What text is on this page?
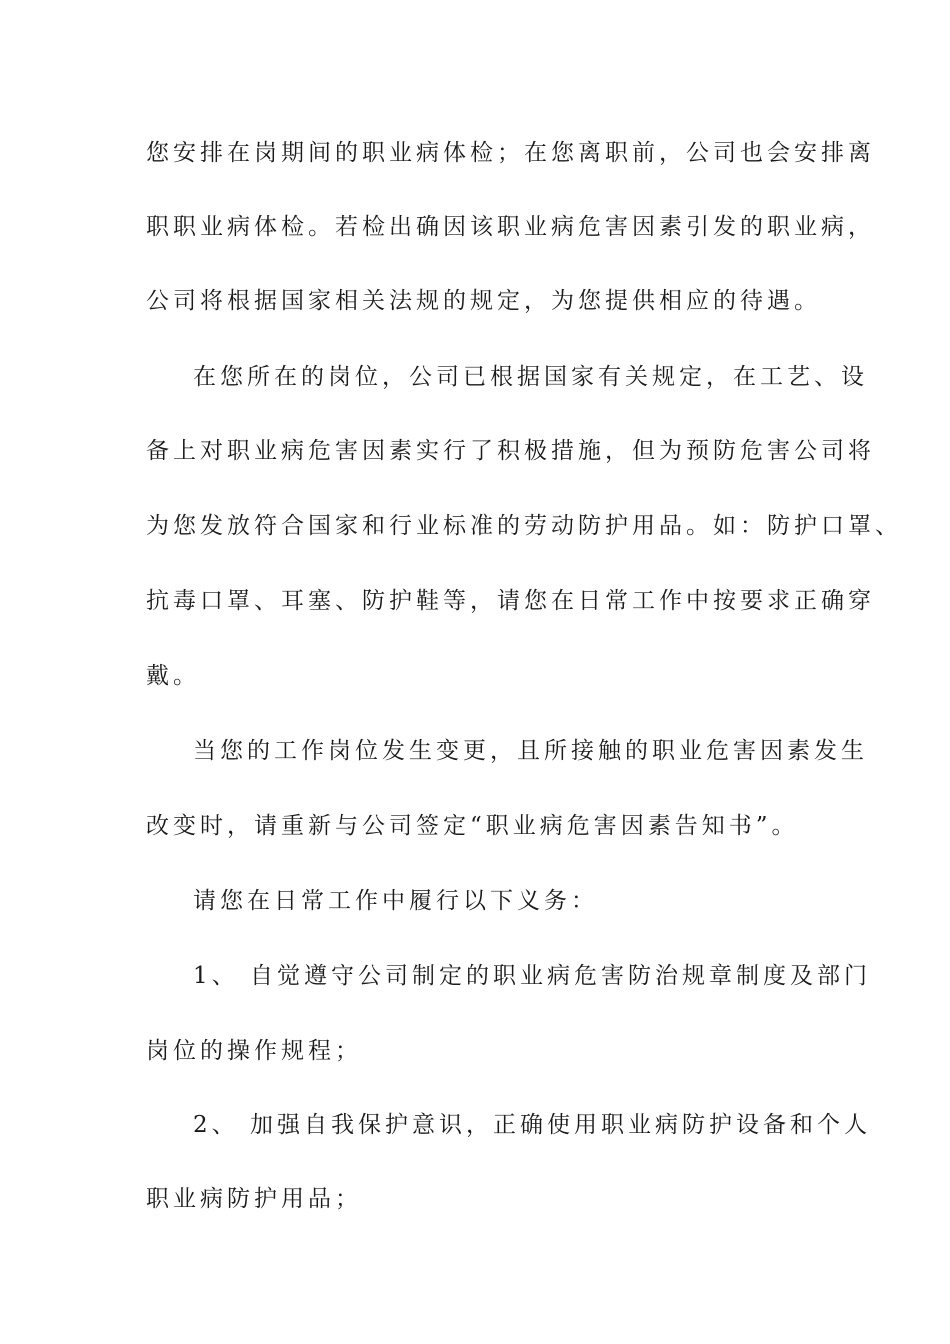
您安排在岗期间的职业病体检；在您离职前，公司也会安排离
职职业病体检。若检出确因该职业病危害因素引发的职业病，
公司将根据国家相关法规的规定，为您提供相应的待遇。
在您所在的岗位，公司已根据国家有关规定，在工艺、设
备上对职业病危害因素实行了积极措施，但为预防危害公司将
为您发放符合国家和行业标准的劳动防护用品。如：防护口罩、
抗毒口罩、耳塞、防护鞋等，请您在日常工作中按要求正确穿
戴。
当您的工作岗位发生变更，且所接触的职业危害因素发生
改变时，请重新与公司签定“职业病危害因素告知书”。
请您在日常工作中履行以下义务：
1、 自觉遵守公司制定的职业病危害防治规章制度及部门
岗位的操作规程；
2、 加强自我保护意识，正确使用职业病防护设备和个人
职业病防护用品；
